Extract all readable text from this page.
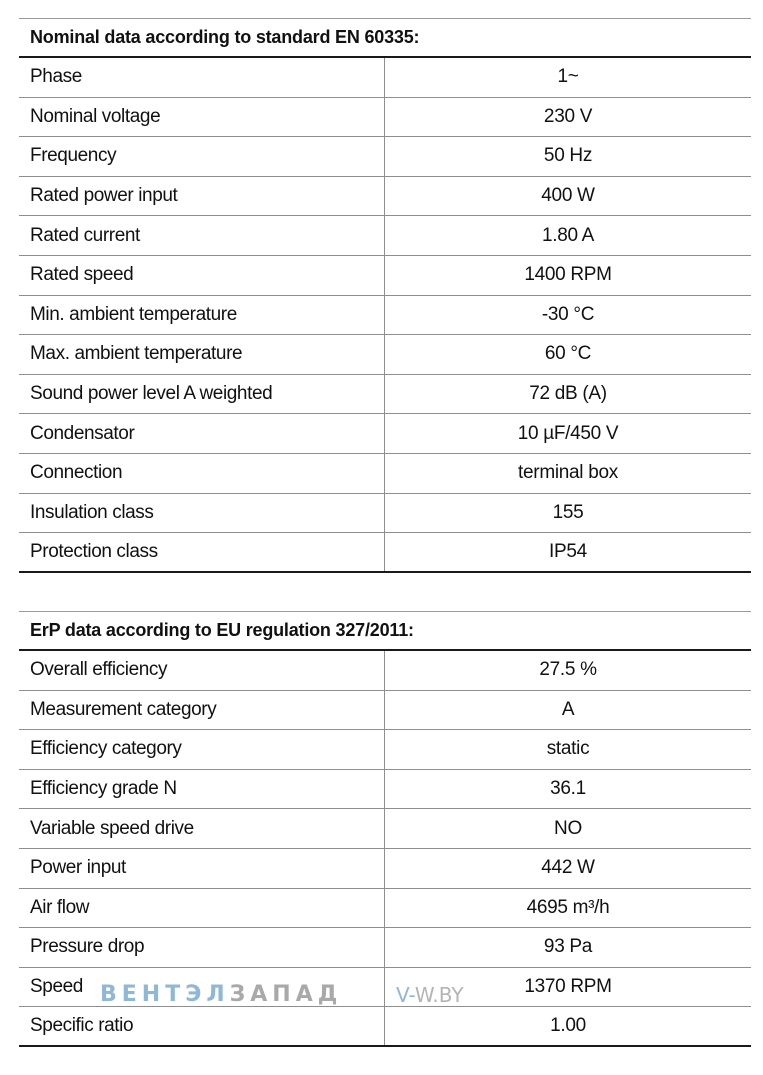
Nominal data according to standard EN 60335:
Phase	1~
Nominal voltage	230 V
Frequency	50 Hz
Rated power input	400 W
Rated current	1.80 A
Rated speed	1400 RPM
Min. ambient temperature	-30 °C
Max. ambient temperature	60 °C
Sound power level A weighted	72 dB (A)
Condensator	10 µF/450 V
Connection	terminal box
Insulation class	155
Protection class	IP54
ErP data according to EU regulation 327/2011:
Overall efficiency	27.5 %
Measurement category	A
Efficiency category	static
Efficiency grade N	36.1
Variable speed drive	NO
Power input	442 W
Air flow	4695 m³/h
Pressure drop	93 Pa
Speed	1370 RPM
Specific ratio	1.00
ВЕНТЭЛЗАПАД	V-W.BY
